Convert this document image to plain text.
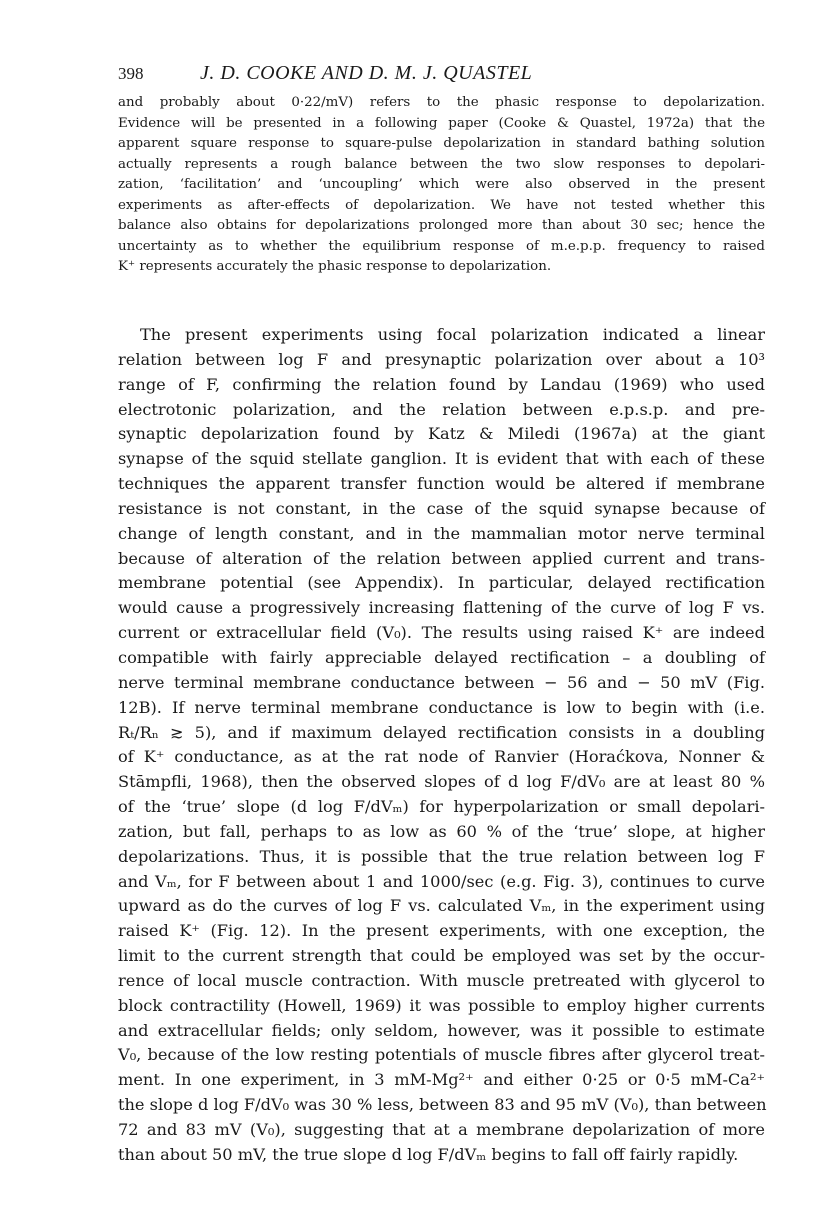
398	J. D. COOKE AND D. M. J. QUASTEL
and probably about 0·22/mV) refers to the phasic response to depolarization.
Evidence will be presented in a following paper (Cooke & Quastel, 1972a) that the
apparent square response to square-pulse depolarization in standard bathing solution
actually represents a rough balance between the two slow responses to depolari-
zation, ‘facilitation’ and ‘uncoupling’ which were also observed in the present
experiments as after-effects of depolarization. We have not tested whether this
balance also obtains for depolarizations prolonged more than about 30 sec; hence the
uncertainty as to whether the equilibrium response of m.e.p.p. frequency to raised
K⁺ represents accurately the phasic response to depolarization.
The present experiments using focal polarization indicated a linear
relation between log F and presynaptic polarization over about a 10³
range of F, confirming the relation found by Landau (1969) who used
electrotonic polarization, and the relation between e.p.s.p. and pre-
synaptic depolarization found by Katz & Miledi (1967a) at the giant
synapse of the squid stellate ganglion. It is evident that with each of these
techniques the apparent transfer function would be altered if membrane
resistance is not constant, in the case of the squid synapse because of
change of length constant, and in the mammalian motor nerve terminal
because of alteration of the relation between applied current and trans-
membrane potential (see Appendix). In particular, delayed rectification
would cause a progressively increasing flattening of the curve of log F vs.
current or extracellular field (V₀). The results using raised K⁺ are indeed
compatible with fairly appreciable delayed rectification – a doubling of
nerve terminal membrane conductance between − 56 and − 50 mV (Fig.
12B). If nerve terminal membrane conductance is low to begin with (i.e.
Rₜ/Rₙ ≳ 5), and if maximum delayed rectification consists in a doubling
of K⁺ conductance, as at the rat node of Ranvier (Horaćkova, Nonner &
Stāmpfli, 1968), then the observed slopes of d log F/dV₀ are at least 80 %
of the ‘true’ slope (d log F/dVₘ) for hyperpolarization or small depolari-
zation, but fall, perhaps to as low as 60 % of the ‘true’ slope, at higher
depolarizations. Thus, it is possible that the true relation between log F
and Vₘ, for F between about 1 and 1000/sec (e.g. Fig. 3), continues to curve
upward as do the curves of log F vs. calculated Vₘ, in the experiment using
raised K⁺ (Fig. 12). In the present experiments, with one exception, the
limit to the current strength that could be employed was set by the occur-
rence of local muscle contraction. With muscle pretreated with glycerol to
block contractility (Howell, 1969) it was possible to employ higher currents
and extracellular fields; only seldom, however, was it possible to estimate
V₀, because of the low resting potentials of muscle fibres after glycerol treat-
ment. In one experiment, in 3 mM-Mg²⁺ and either 0·25 or 0·5 mM-Ca²⁺
the slope d log F/dV₀ was 30 % less, between 83 and 95 mV (V₀), than between
72 and 83 mV (V₀), suggesting that at a membrane depolarization of more
than about 50 mV, the true slope d log F/dVₘ begins to fall off fairly rapidly.
